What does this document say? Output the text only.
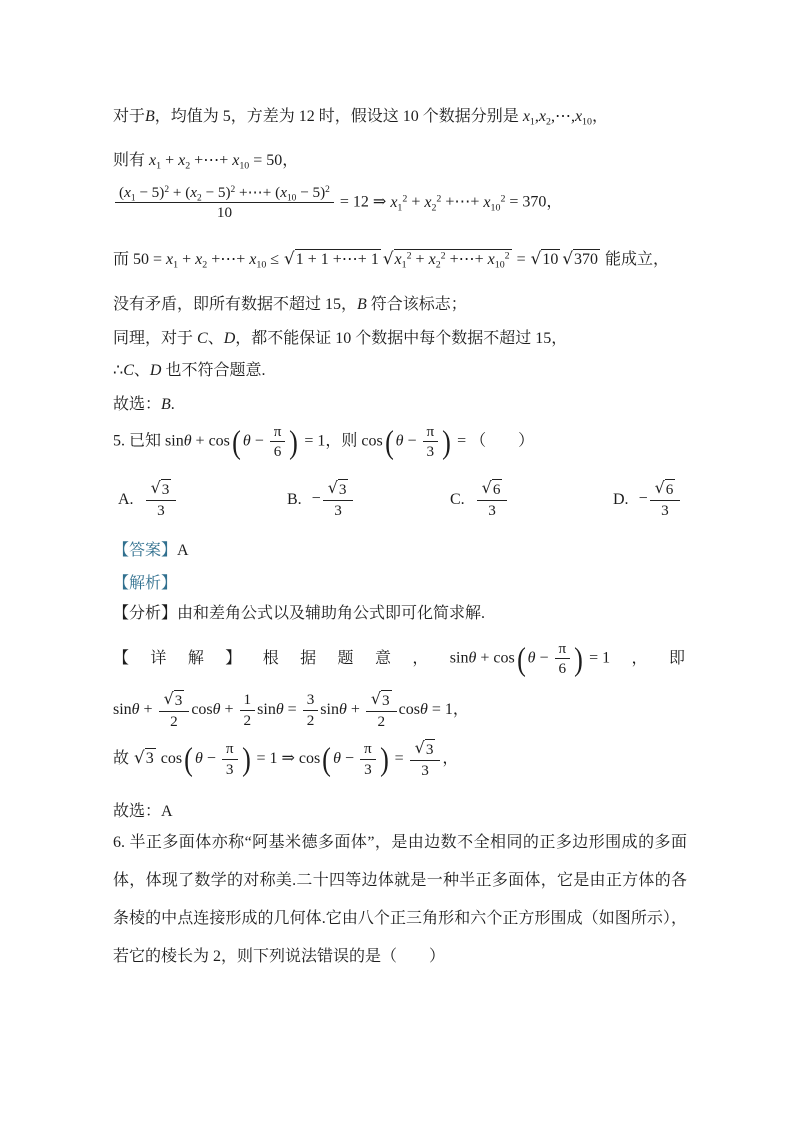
对于B，均值为 5，方差为 12 时，假设这 10 个数据分别是 $x_1,x_2,\cdots,x_{10}$，
则有 $x_1 + x_2$ +⋯+ $x_{10} = 50$，
$\frac{(x_1 - 5)^2 + (x_2 - 5)^2 +\cdots+ (x_{10} - 5)^2}{10} = 12$ ⇒ $x_1^2 + x_2^2$ +⋯+ $x_{10}^2 = 370$，
而 $50 = x_1 + x_2$ +⋯+ $x_{10}$ ≤ √ 1 + 1 +⋯+ 1 √ $x_1^2 + x_2^2$ +⋯+ $x_{10}^2$ = √ 10 √ 370 能成立，
没有矛盾，即所有数据不超过 15，B 符合该标志；
同理，对于 C、D，都不能保证 10 个数据中每个数据不超过 15，
∴C、D 也不符合题意.
故选：B.
5. 已知 sinθ + cos( $\theta - \frac{\pi}{6}$ ) = 1，则 cos( $\theta - \frac{\pi}{3}$ ) = （　　）
A. $\frac{√ 3}{3}$	B. − $\frac{√ 3}{3}$	C. $\frac{√ 6}{3}$	D. − $\frac{√ 6}{3}$
【答案】A
【解析】
【分析】由和差角公式以及辅助角公式即可化简求解.
【 详 解 】 根 据 题 意 ， sinθ + cos( $\theta - \frac{\pi}{6}$ ) = 1 ， 即
$\sin\theta + \frac{√ 3}{2}$ $\cos\theta + \frac{1}{2}$ $\sin\theta = \frac{3}{2}$ $\sin\theta + \frac{√ 3}{2}$ cosθ = 1，
故 √ 3 cos( $\theta - \frac{\pi}{3}$ ) = 1 ⇒ cos( $\theta - \frac{\pi}{3}$ ) = $\frac{√ 3}{3}$ ，
故选：A
6. 半正多面体亦称“阿基米德多面体”，是由边数不全相同的正多边形围成的多面体，体现了数学的对称美.二十四等边体就是一种半正多面体，它是由正方体的各条棱的中点连接形成的几何体.它由八个正三角形和六个正方形围成（如图所示），若它的棱长为 2，则下列说法错误的是（　　）
